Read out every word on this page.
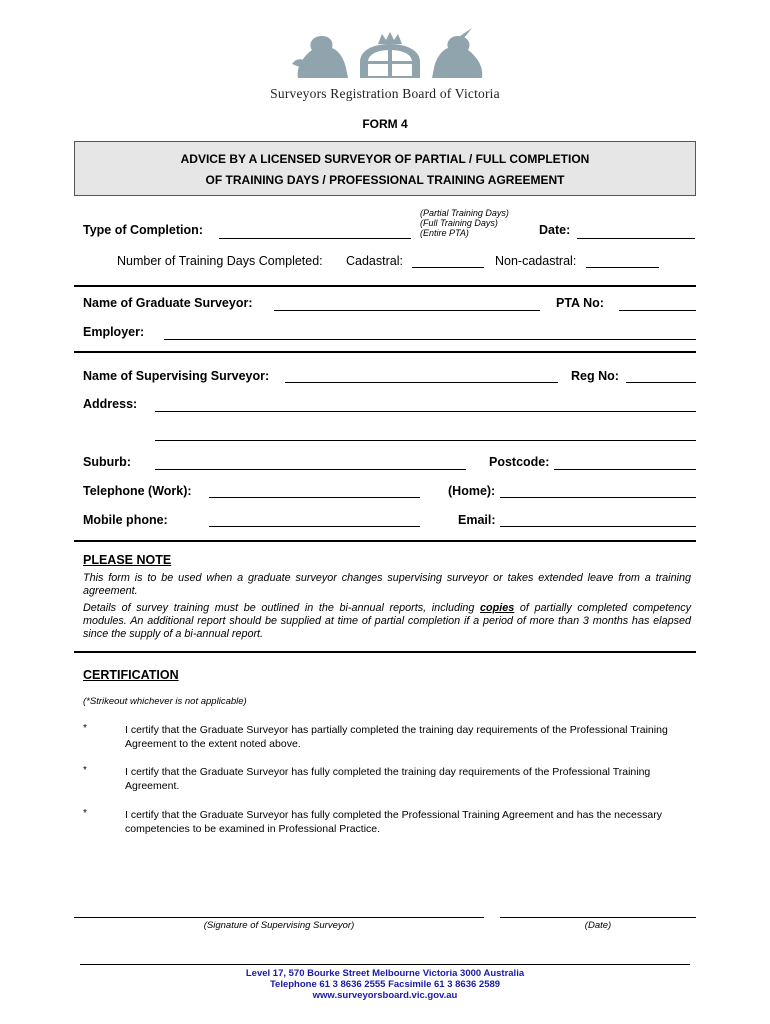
Surveyors Registration Board of Victoria
FORM 4
ADVICE BY A LICENSED SURVEYOR OF PARTIAL / FULL COMPLETION
OF TRAINING DAYS / PROFESSIONAL TRAINING AGREEMENT
Type of Completion:
(Partial Training Days)
(Full Training Days)
(Entire PTA)	Date:
Number of Training Days Completed: Cadastral:	Non-cadastral:
Name of Graduate Surveyor:	PTA No:
Employer:
Name of Supervising Surveyor:	Reg No:
Address:
Suburb:	Postcode:
Telephone (Work):	(Home):
Mobile phone:	Email:
PLEASE NOTE
This form is to be used when a graduate surveyor changes supervising surveyor or takes extended leave from a training agreement.
Details of survey training must be outlined in the bi-annual reports, including copies of partially completed competency modules. An additional report should be supplied at time of partial completion if a period of more than 3 months has elapsed since the supply of a bi-annual report.
CERTIFICATION
(*Strikeout whichever is not applicable)
*	I certify that the Graduate Surveyor has partially completed the training day requirements of the Professional Training Agreement to the extent noted above.
*	I certify that the Graduate Surveyor has fully completed the training day requirements of the Professional Training Agreement.
*	I certify that the Graduate Surveyor has fully completed the Professional Training Agreement and has the necessary competencies to be examined in Professional Practice.
(Signature of Supervising Surveyor)	(Date)
Level 17, 570 Bourke Street Melbourne Victoria 3000 Australia
Telephone 61 3 8636 2555 Facsimile 61 3 8636 2589
www.surveyorsboard.vic.gov.au
